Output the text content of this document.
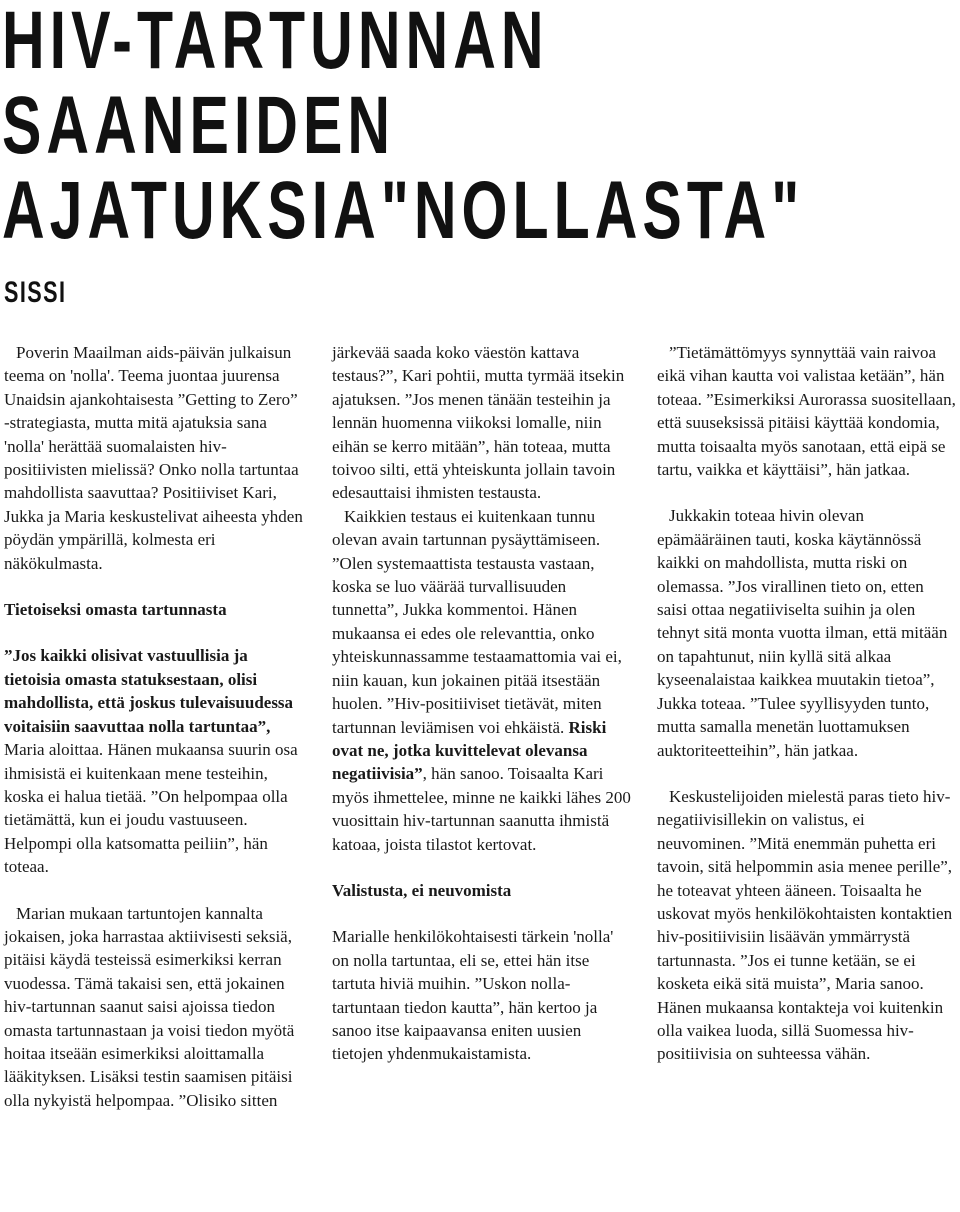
HIV-TARTUNNAN
SAANEIDEN
AJATUKSIA"NOLLASTA"
SISSI

Poverin Maailman aids-päivän julkaisun teema on 'nolla'. Teema juontaa juurensa Unaidsin ajankohtaisesta ”Getting to Zero” -strategiasta, mutta mitä ajatuksia sana 'nolla' herättää suomalaisten hiv-positiivisten mielissä? Onko nolla tartuntaa mahdollista saavuttaa? Positiiviset Kari, Jukka ja Maria keskustelivat aiheesta yhden pöydän ympärillä, kolmesta eri näkökulmasta.

Tietoiseksi omasta tartunnasta

”Jos kaikki olisivat vastuullisia ja tietoisia omasta statuksestaan, olisi mahdollista, että joskus tulevaisuudessa voitaisiin saavuttaa nolla tartuntaa”, Maria aloittaa. Hänen mukaansa suurin osa ihmisistä ei kuitenkaan mene testeihin, koska ei halua tietää. ”On helpompaa olla tietämättä, kun ei joudu vastuuseen. Helpompi olla katsomatta peiliin”, hän toteaa.

Marian mukaan tartuntojen kannalta jokaisen, joka harrastaa aktiivisesti seksiä, pitäisi käydä testeissä esimerkiksi kerran vuodessa. Tämä takaisi sen, että jokainen hiv-tartunnan saanut saisi ajoissa tiedon omasta tartunnastaan ja voisi tiedon myötä hoitaa itseään esimerkiksi aloittamalla lääkityksen. Lisäksi testin saamisen pitäisi olla nykyistä helpompaa. ”Olisiko sitten

järkevää saada koko väestön kattava testaus?”, Kari pohtii, mutta tyrmää itsekin ajatuksen. ”Jos menen tänään testeihin ja lennän huomenna viikoksi lomalle, niin eihän se kerro mitään”, hän toteaa, mutta toivoo silti, että yhteiskunta jollain tavoin edesauttaisi ihmisten testausta.

Kaikkien testaus ei kuitenkaan tunnu olevan avain tartunnan pysäyttämiseen. ”Olen systemaattista testausta vastaan, koska se luo väärää turvallisuuden tunnetta”, Jukka kommentoi. Hänen mukaansa ei edes ole relevanttia, onko yhteiskunnassamme testaamattomia vai ei, niin kauan, kun jokainen pitää itsestään huolen. ”Hiv-positiiviset tietävät, miten tartunnan leviämisen voi ehkäistä. Riski ovat ne, jotka kuvittelevat olevansa negatiivisia”, hän sanoo. Toisaalta Kari myös ihmettelee, minne ne kaikki lähes 200 vuosittain hiv-tartunnan saanutta ihmistä katoaa, joista tilastot kertovat.

Valistusta, ei neuvomista

Marialle henkilökohtaisesti tärkein 'nolla' on nolla tartuntaa, eli se, ettei hän itse tartuta hiviä muihin. ”Uskon nolla-tartuntaan tiedon kautta”, hän kertoo ja sanoo itse kaipaavansa eniten uusien tietojen yhdenmukaistamista.

”Tietämättömyys synnyttää vain raivoa eikä vihan kautta voi valistaa ketään”, hän toteaa. ”Esimerkiksi Aurorassa suositellaan, että suuseksissä pitäisi käyttää kondomia, mutta toisaalta myös sanotaan, että eipä se tartu, vaikka et käyttäisi”, hän jatkaa.

Jukkakin toteaa hivin olevan epämääräinen tauti, koska käytännössä kaikki on mahdollista, mutta riski on olemassa. ”Jos virallinen tieto on, etten saisi ottaa negatiiviselta suihin ja olen tehnyt sitä monta vuotta ilman, että mitään on tapahtunut, niin kyllä sitä alkaa kyseenalaistaa kaikkea muutakin tietoa”, Jukka toteaa. ”Tulee syyllisyyden tunto, mutta samalla menetän luottamuksen auktoriteetteihin”, hän jatkaa.

Keskustelijoiden mielestä paras tieto hiv-negatiivisillekin on valistus, ei neuvominen. ”Mitä enemmän puhetta eri tavoin, sitä helpommin asia menee perille”, he toteavat yhteen ääneen. Toisaalta he uskovat myös henkilökohtaisten kontaktien hiv-positiivisiin lisäävän ymmärrystä tartunnasta. ”Jos ei tunne ketään, se ei kosketa eikä sitä muista”, Maria sanoo. Hänen mukaansa kontakteja voi kuitenkin olla vaikea luoda, sillä Suomessa hiv-positiivisia on suhteessa vähän.
